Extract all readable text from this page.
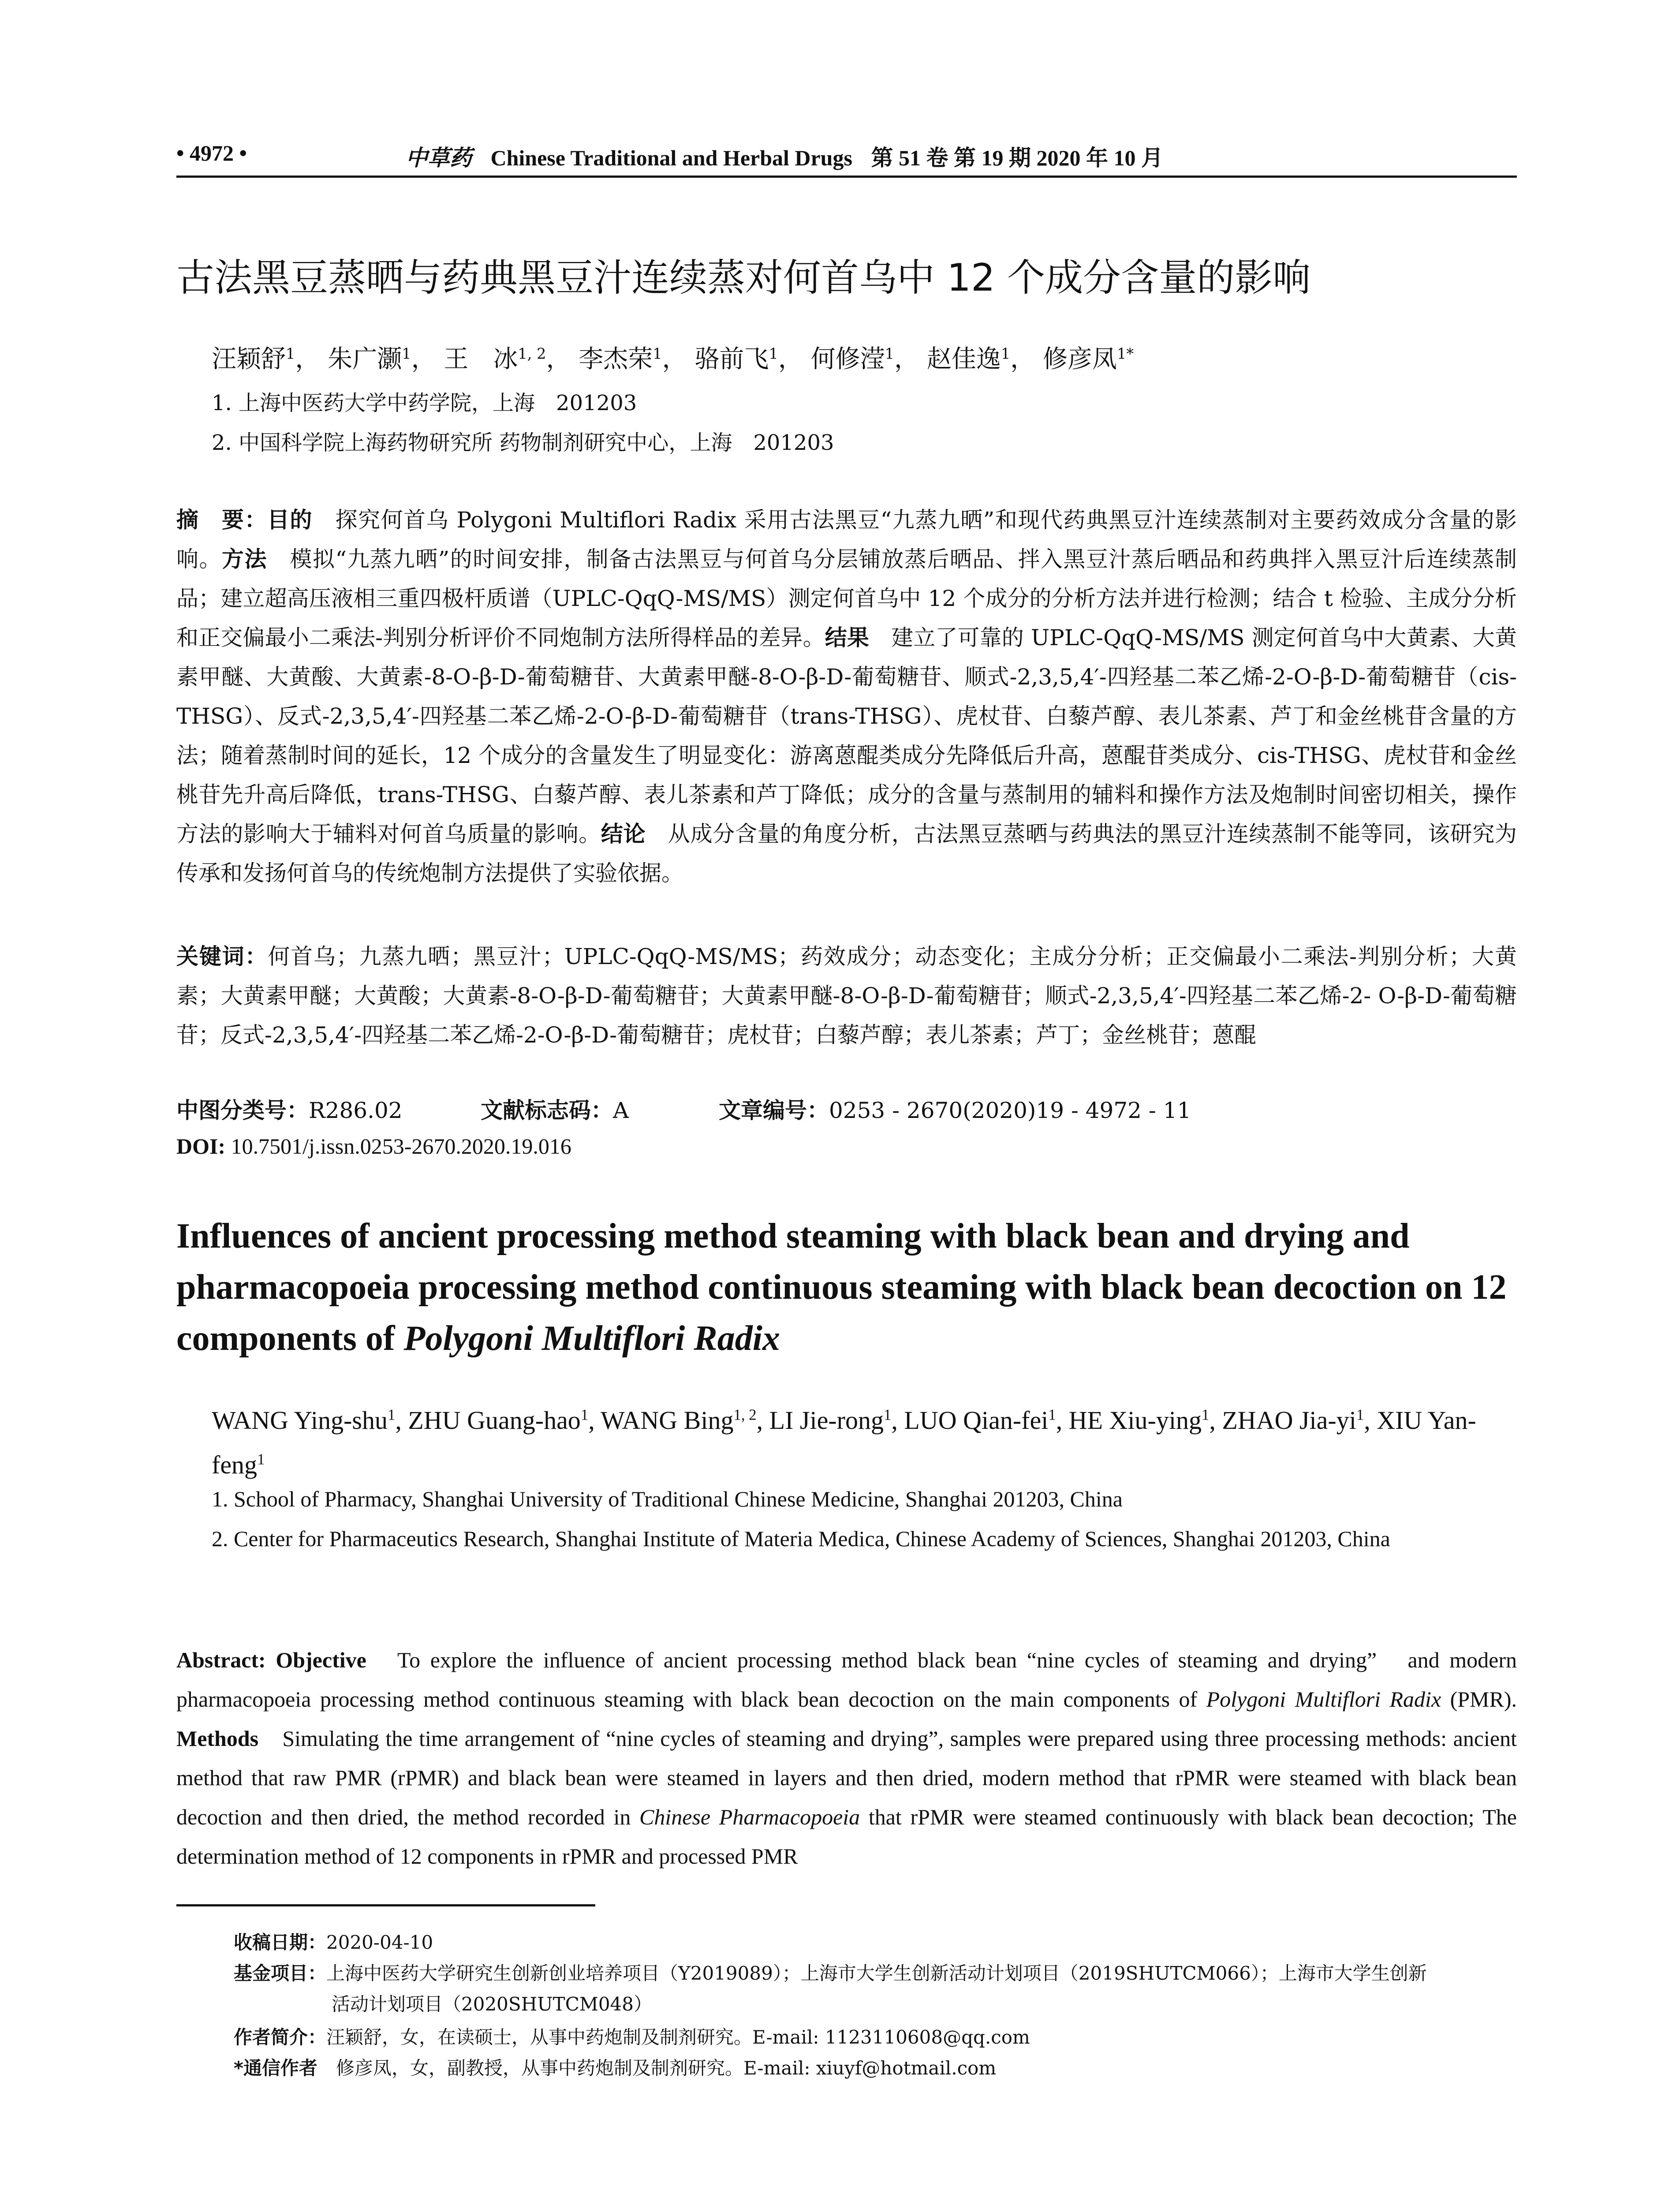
• 4972 •	中草药 Chinese Traditional and Herbal Drugs 第 51 卷 第 19 期 2020 年 10 月
古法黑豆蒸晒与药典黑豆汁连续蒸对何首乌中 12 个成分含量的影响
汪颖舒$^1$， 朱广灏$^1$， 王　冰$^{1, 2}$， 李杰荣$^1$， 骆前飞$^1$， 何修滢$^1$， 赵佳逸$^1$， 修彦凤$^{1*}$
1. 上海中医药大学中药学院，上海　201203
2. 中国科学院上海药物研究所 药物制剂研究中心，上海　201203
摘　要：目的　探究何首乌 Polygoni Multiflori Radix 采用古法黑豆“九蒸九晒”和现代药典黑豆汁连续蒸制对主要药效成分含量的影响。方法　模拟“九蒸九晒”的时间安排，制备古法黑豆与何首乌分层铺放蒸后晒品、拌入黑豆汁蒸后晒品和药典拌入黑豆汁后连续蒸制品；建立超高压液相三重四极杆质谱（UPLC-QqQ-MS/MS）测定何首乌中 12 个成分的分析方法并进行检测；结合 t 检验、主成分分析和正交偏最小二乘法-判别分析评价不同炮制方法所得样品的差异。结果　建立了可靠的 UPLC-QqQ-MS/MS 测定何首乌中大黄素、大黄素甲醚、大黄酸、大黄素-8-O-β-D-葡萄糖苷、大黄素甲醚-8-O-β-D-葡萄糖苷、顺式-2,3,5,4′-四羟基二苯乙烯-2-O-β-D-葡萄糖苷（cis-THSG）、反式-2,3,5,4′-四羟基二苯乙烯-2-O-β-D-葡萄糖苷（trans-THSG）、虎杖苷、白藜芦醇、表儿茶素、芦丁和金丝桃苷含量的方法；随着蒸制时间的延长，12 个成分的含量发生了明显变化：游离蒽醌类成分先降低后升高，蒽醌苷类成分、cis-THSG、虎杖苷和金丝桃苷先升高后降低，trans-THSG、白藜芦醇、表儿茶素和芦丁降低；成分的含量与蒸制用的辅料和操作方法及炮制时间密切相关，操作方法的影响大于辅料对何首乌质量的影响。结论　从成分含量的角度分析，古法黑豆蒸晒与药典法的黑豆汁连续蒸制不能等同，该研究为传承和发扬何首乌的传统炮制方法提供了实验依据。
关键词：何首乌；九蒸九晒；黑豆汁；UPLC-QqQ-MS/MS；药效成分；动态变化；主成分分析；正交偏最小二乘法-判别分析；大黄素；大黄素甲醚；大黄酸；大黄素-8-O-β-D-葡萄糖苷；大黄素甲醚-8-O-β-D-葡萄糖苷；顺式-2,3,5,4′-四羟基二苯乙烯-2- O-β-D-葡萄糖苷；反式-2,3,5,4′-四羟基二苯乙烯-2-O-β-D-葡萄糖苷；虎杖苷；白藜芦醇；表儿茶素；芦丁；金丝桃苷；蒽醌
中图分类号：R286.02	文献标志码：A	文章编号：0253 - 2670(2020)19 - 4972 - 11
DOI: 10.7501/j.issn.0253-2670.2020.19.016
Influences of ancient processing method steaming with black bean and drying and pharmacopoeia processing method continuous steaming with black bean decoction on 12 components of Polygoni Multiflori Radix
WANG Ying-shu$^1$, ZHU Guang-hao$^1$, WANG Bing$^{1, 2}$, LI Jie-rong$^1$, LUO Qian-fei$^1$, HE Xiu-ying$^1$, ZHAO Jia-$yi^1$, XIU Yan-feng$^1$
1. School of Pharmacy, Shanghai University of Traditional Chinese Medicine, Shanghai 201203, China
2. Center for Pharmaceutics Research, Shanghai Institute of Materia Medica, Chinese Academy of Sciences, Shanghai 201203, China
Abstract: Objective　To explore the influence of ancient processing method black bean “nine cycles of steaming and drying”　and modern pharmacopoeia processing method continuous steaming with black bean decoction on the main components of Polygoni Multiflori Radix (PMR). Methods　Simulating the time arrangement of “nine cycles of steaming and drying”, samples were prepared using three processing methods: ancient method that raw PMR (rPMR) and black bean were steamed in layers and then dried, modern method that rPMR were steamed with black bean decoction and then dried, the method recorded in Chinese Pharmacopoeia that rPMR were steamed continuously with black bean decoction; The determination method of 12 components in rPMR and processed PMR
收稿日期：2020-04-10
基金项目：上海中医药大学研究生创新创业培养项目（Y2019089）；上海市大学生创新活动计划项目（2019SHUTCM066）；上海市大学生创新
活动计划项目（2020SHUTCM048）
作者简介：汪颖舒，女，在读硕士，从事中药炮制及制剂研究。E-mail: 1123110608@qq.com
*通信作者　修彦凤，女，副教授，从事中药炮制及制剂研究。E-mail: xiuyf@hotmail.com
